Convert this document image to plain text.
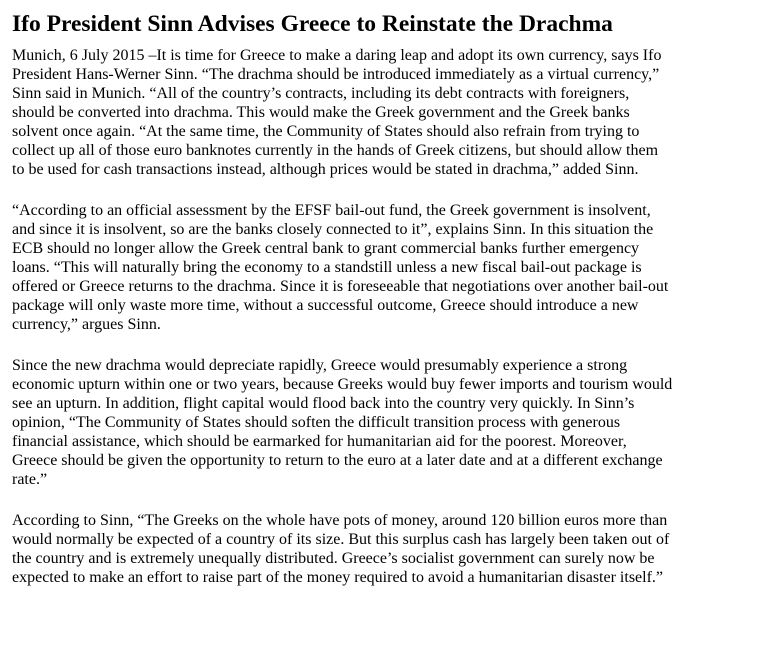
Ifo President Sinn Advises Greece to Reinstate the Drachma

Munich, 6 July 2015 –It is time for Greece to make a daring leap and adopt its own currency, says Ifo
President Hans-Werner Sinn. “The drachma should be introduced immediately as a virtual currency,”
Sinn said in Munich. “All of the country’s contracts, including its debt contracts with foreigners,
should be converted into drachma. This would make the Greek government and the Greek banks
solvent once again. “At the same time, the Community of States should also refrain from trying to
collect up all of those euro banknotes currently in the hands of Greek citizens, but should allow them
to be used for cash transactions instead, although prices would be stated in drachma,” added Sinn.

“According to an official assessment by the EFSF bail-out fund, the Greek government is insolvent,
and since it is insolvent, so are the banks closely connected to it”, explains Sinn. In this situation the
ECB should no longer allow the Greek central bank to grant commercial banks further emergency
loans. “This will naturally bring the economy to a standstill unless a new fiscal bail-out package is
offered or Greece returns to the drachma. Since it is foreseeable that negotiations over another bail-out
package will only waste more time, without a successful outcome, Greece should introduce a new
currency,” argues Sinn.

Since the new drachma would depreciate rapidly, Greece would presumably experience a strong
economic upturn within one or two years, because Greeks would buy fewer imports and tourism would
see an upturn. In addition, flight capital would flood back into the country very quickly. In Sinn’s
opinion, “The Community of States should soften the difficult transition process with generous
financial assistance, which should be earmarked for humanitarian aid for the poorest. Moreover,
Greece should be given the opportunity to return to the euro at a later date and at a different exchange
rate.”

According to Sinn, “The Greeks on the whole have pots of money, around 120 billion euros more than
would normally be expected of a country of its size. But this surplus cash has largely been taken out of
the country and is extremely unequally distributed. Greece’s socialist government can surely now be
expected to make an effort to raise part of the money required to avoid a humanitarian disaster itself.”
